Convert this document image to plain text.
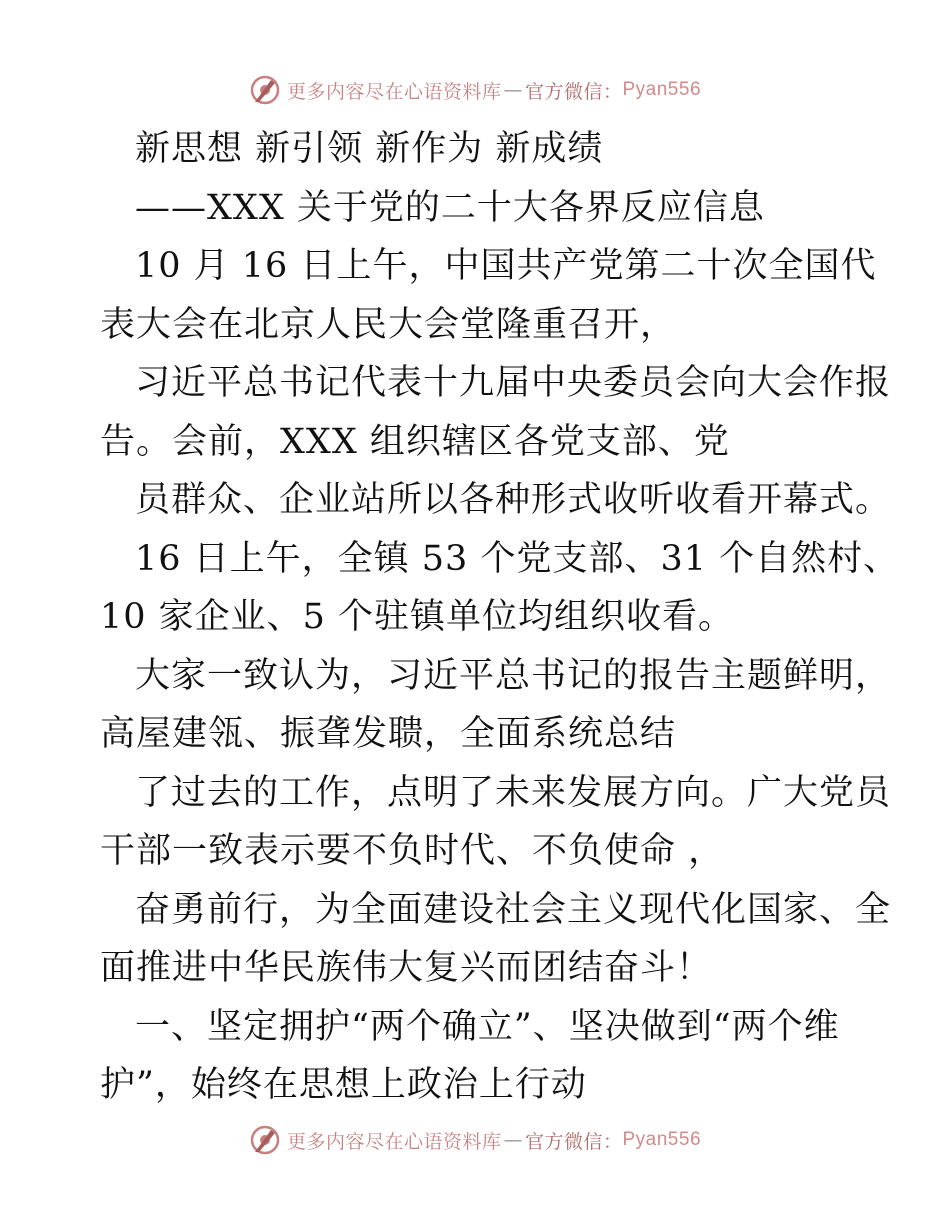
更多内容尽在心语资料库 — 官方微信： Pyan556
新思想 新引领 新作为 新成绩
——XXX 关于党的二十大各界反应信息
10 月 16 日上午，中国共产党第二十次全国代
表大会在北京人民大会堂隆重召开，
习近平总书记代表十九届中央委员会向大会作报
告。会前，XXX 组织辖区各党支部、党
员群众、企业站所以各种形式收听收看开幕式。
16 日上午，全镇 53 个党支部、31 个自然村、
10 家企业、5 个驻镇单位均组织收看。
大家一致认为，习近平总书记的报告主题鲜明，
高屋建瓴、振聋发聩，全面系统总结
了过去的工作，点明了未来发展方向。广大党员
干部一致表示要不负时代、不负使命 ，
奋勇前行，为全面建设社会主义现代化国家、全
面推进中华民族伟大复兴而团结奋斗！
一、坚定拥护“两个确立”、坚决做到“两个维
护”，始终在思想上政治上行动
更多内容尽在心语资料库 — 官方微信： Pyan556
